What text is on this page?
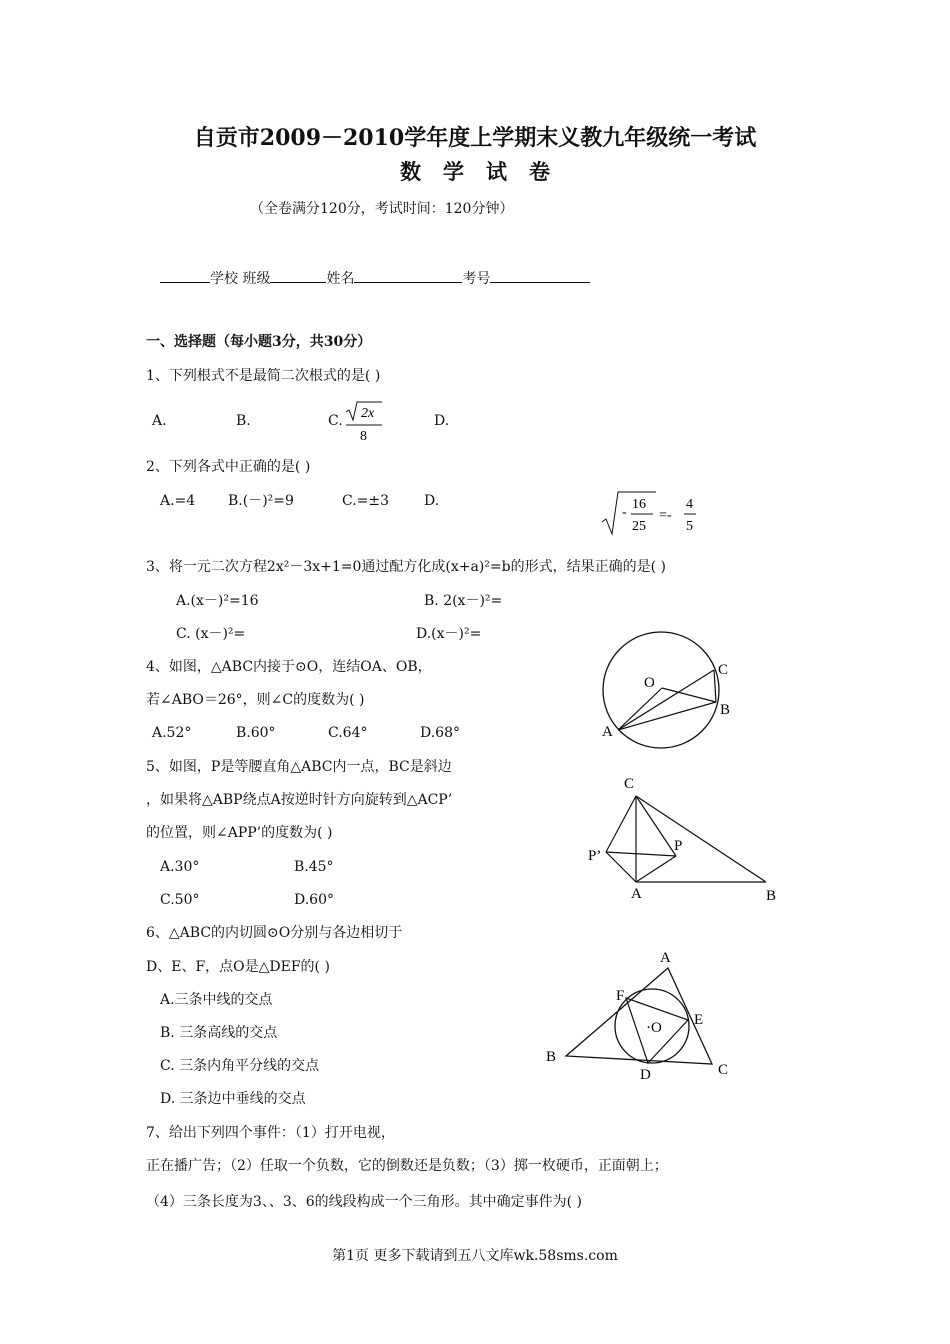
自贡市2009－2010学年度上学期末义教九年级统一考试
数学试卷
（全卷满分120分，考试时间：120分钟）
学校 班级	姓名	考号
一、选择题（每小题3分，共30分）
1、下列根式不是最简二次根式的是( )
A.	B.	C. 2x
8
D.
2、下列各式中正确的是( )
A.=4 B.(－)²=9	C.=±3 D.
-
16
25
=-
4
5
3、将一元二次方程2x²－3x+1=0通过配方化成(x+a)²=b的形式，结果正确的是( )
A.(x－)²=16	B. 2(x－)²=
C. (x－)²=	D.(x－)²=
4、如图，△ABC内接于⊙O，连结OA、OB，
若∠ABO＝26°，则∠C的度数为( )
A.52°	B.60°	C.64°	D.68°
O
C
B
A
5、如图，P是等腰直角△ABC内一点，BC是斜边
，如果将△ABP绕点A按逆时针方向旋转到△ACP’
的位置，则∠APP’的度数为( )
A.30°	B.45°
C.50°	D.60°
C
P’
P
A	B
6、△ABC的内切圆⊙O分别与各边相切于
D、E、F，点O是△DEF的( )
A.三条中线的交点
B. 三条高线的交点
C. 三条内角平分线的交点
D. 三条边中垂线的交点
A
F
E
·O
B
D	C
7、给出下列四个事件：（1）打开电视，
正在播广告；（2）任取一个负数，它的倒数还是负数；（3）掷一枚硬币，正面朝上；
（4）三条长度为3、、3、6的线段构成一个三角形。其中确定事件为( )
第1页 更多下载请到五八文库wk.58sms.com
